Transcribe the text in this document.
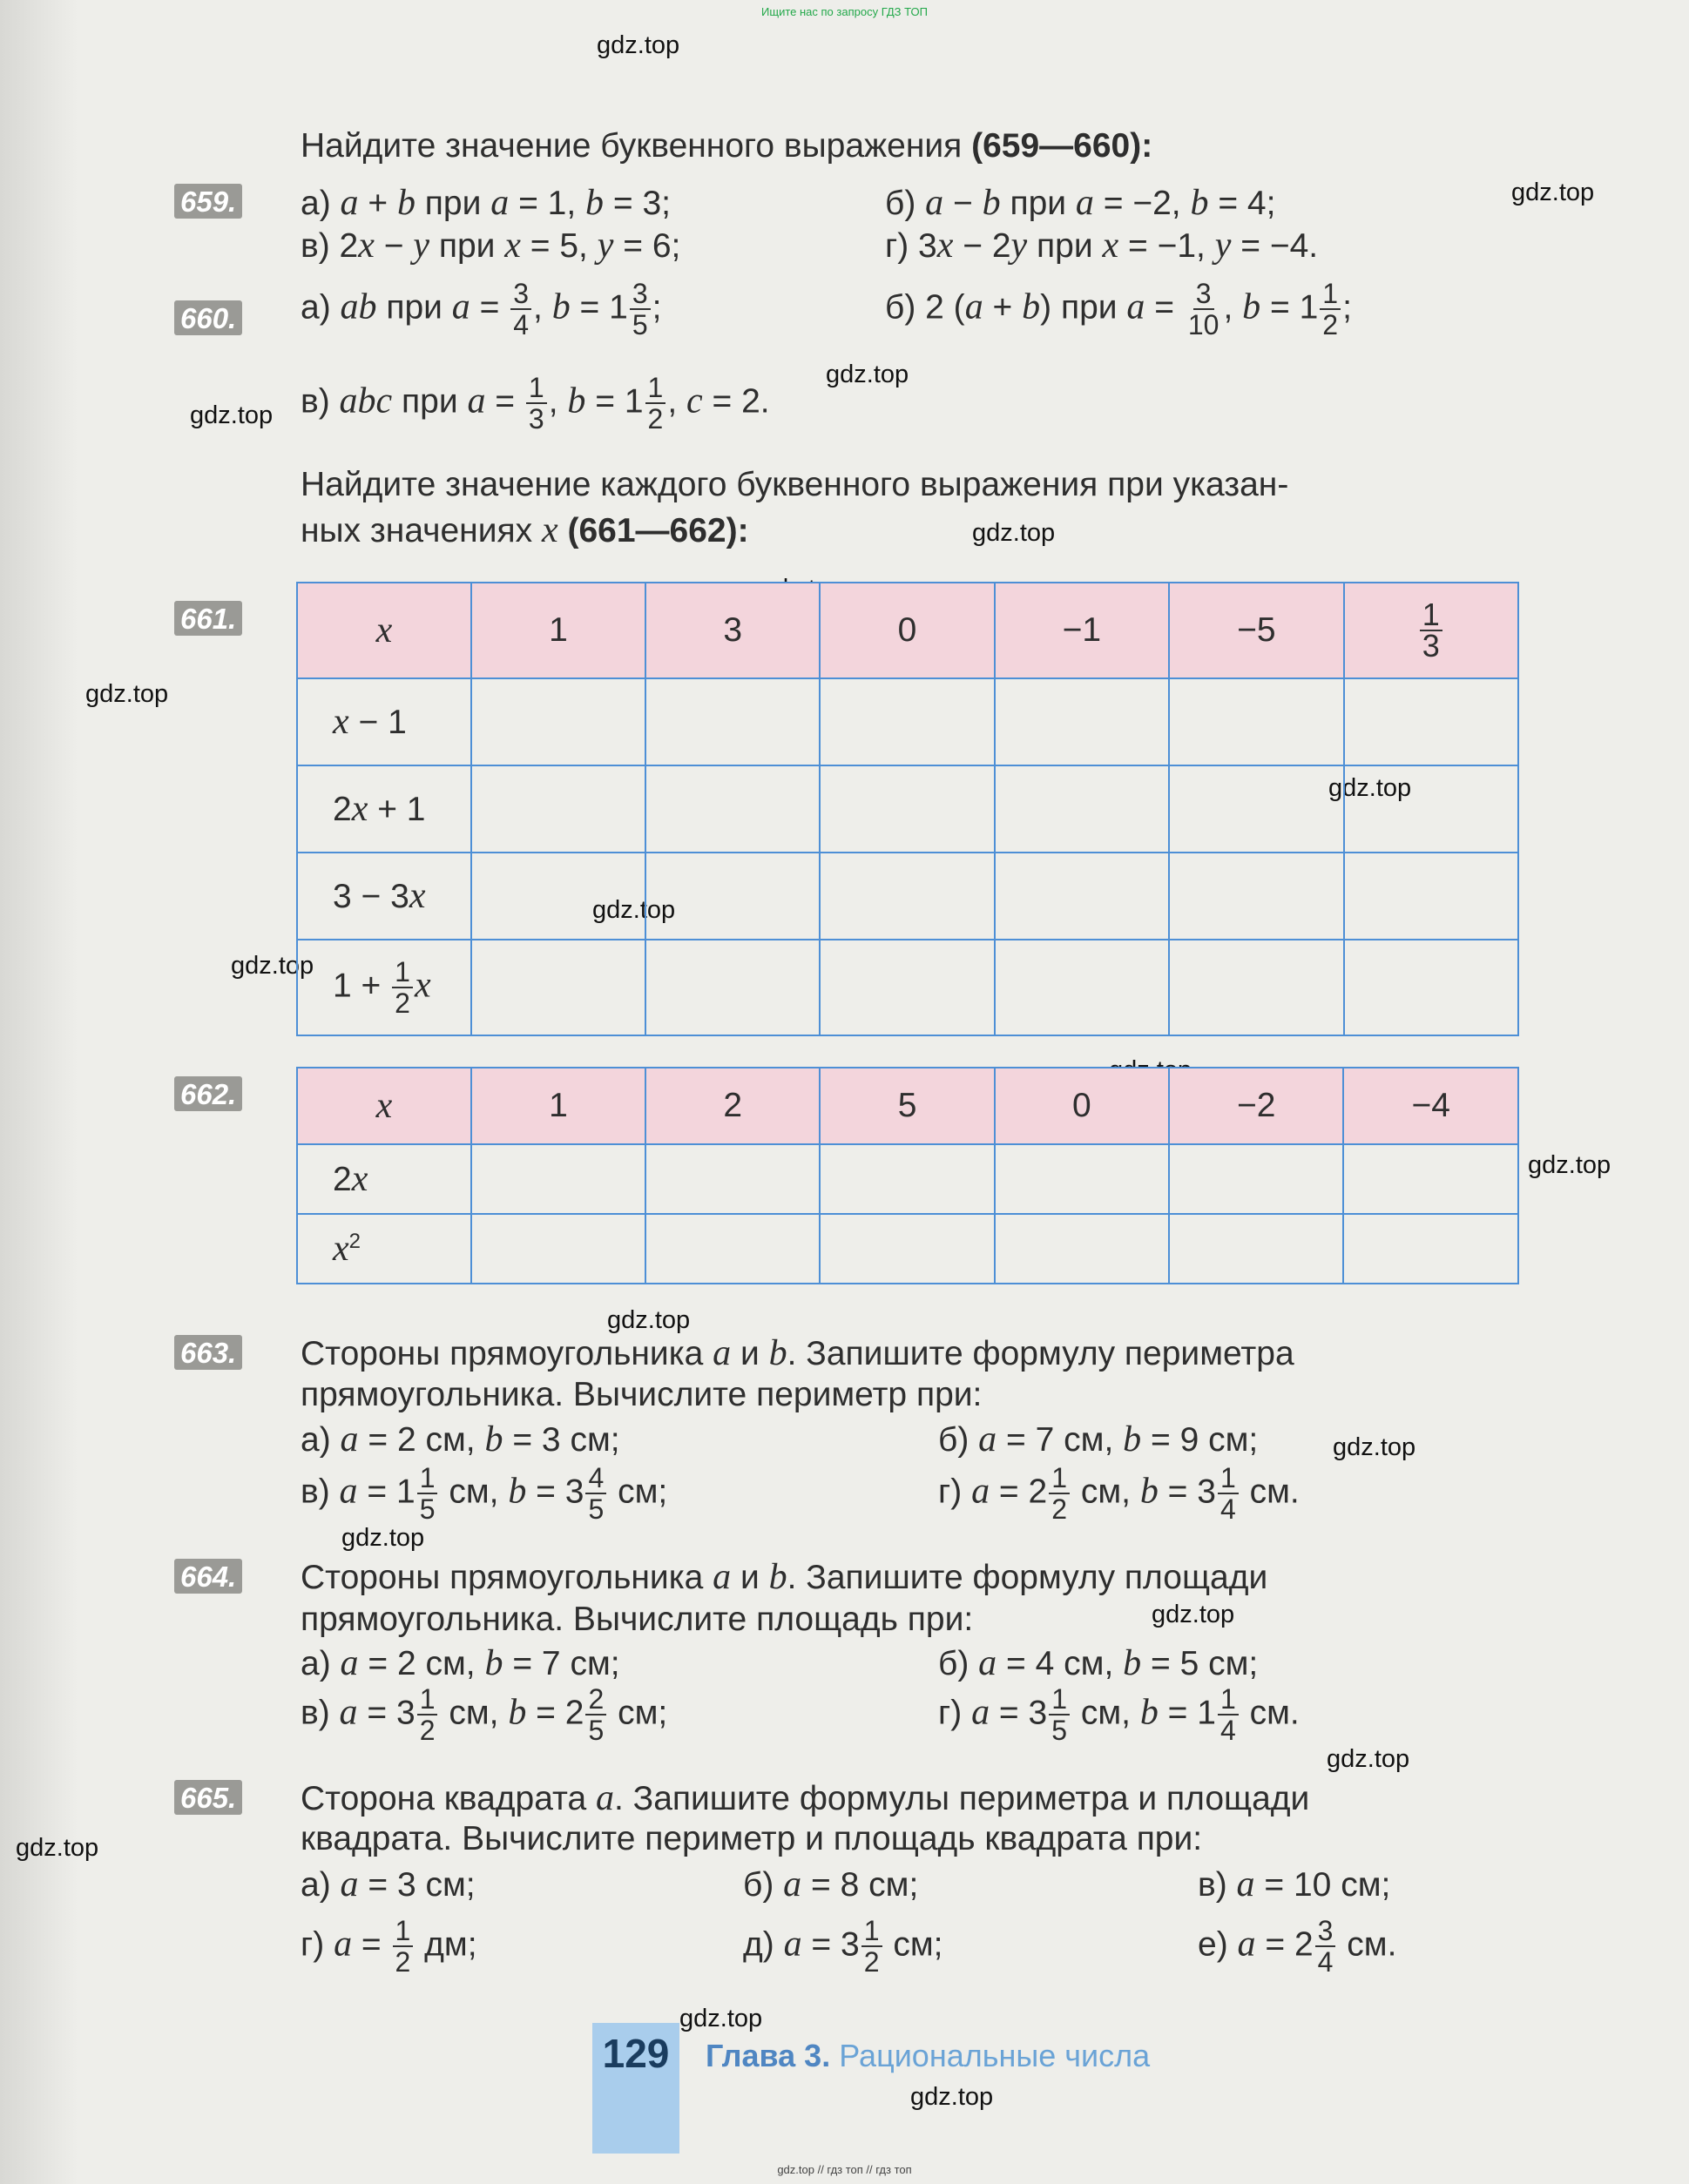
Ищите нас по запросу ГДЗ ТОП
gdz.top
gdz.top
gdz.top
gdz.top
gdz.top
gdz.top
gdz.top
gdz.top
gdz.top
gdz.top
gdz.top
gdz.top
gdz.top
gdz.top
gdz.top
gdz.top
gdz.top
gdz.top
Найдите значение буквенного выражения (659—660):
659. а) a + b при a = 1, b = 3;	б) a − b при a = −2, b = 4;
в) 2x − y при x = 5, y = 6;	г) 3x − 2y при x = −1, y = −4.
660. а) ab при $a = \frac{3}{4}$ , $b = 1 \frac{3}{5}$ ;	б) 2 (a + b) при $a = \frac{3}{10}$ , $b = 1 \frac{1}{2}$ ;
в) abc при $a = \frac{1}{3}$ , $b = 1 \frac{1}{2}$ , c = 2.
Найдите значение каждого буквенного выражения при указан-
ных значениях x (661—662):
661.	x	1	3	0	−1	−5	$\frac{1}{3}$

x − 1						
2x + 1						
3 − 3x						
$1 + \frac{1}{2}$ x						
662.	x	1	2	5	0	−2	−4
2x						
$x^2$						
663. Стороны прямоугольника a и b. Запишите формулу периметра
прямоугольника. Вычислите периметр при:
а) a = 2 см, b = 3 см;	б) a = 7 см, b = 9 см;
в) $a = 1 \frac{1}{5}$ см, $b = 3 \frac{4}{5}$ см;	г) $a = 2 \frac{1}{2}$ см, $b = 3 \frac{1}{4}$ см.
664. Стороны прямоугольника a и b. Запишите формулу площади
прямоугольника. Вычислите площадь при:
а) a = 2 см, b = 7 см;	б) a = 4 см, b = 5 см;
в) $a = 3 \frac{1}{2}$ см, $b = 2 \frac{2}{5}$ см;	г) $a = 3 \frac{1}{5}$ см, $b = 1 \frac{1}{4}$ см.
665. Сторона квадрата a. Запишите формулы периметра и площади
квадрата. Вычислите периметр и площадь квадрата при:
а) a = 3 см;	б) a = 8 см;	в) a = 10 см;
г) $a = \frac{1}{2}$ дм;	д) $a = 3 \frac{1}{2}$ см;	е) $a = 2 \frac{3}{4}$ см.
129	Глава 3. Рациональные числа
gdz.top // гдз топ // гдз топ
